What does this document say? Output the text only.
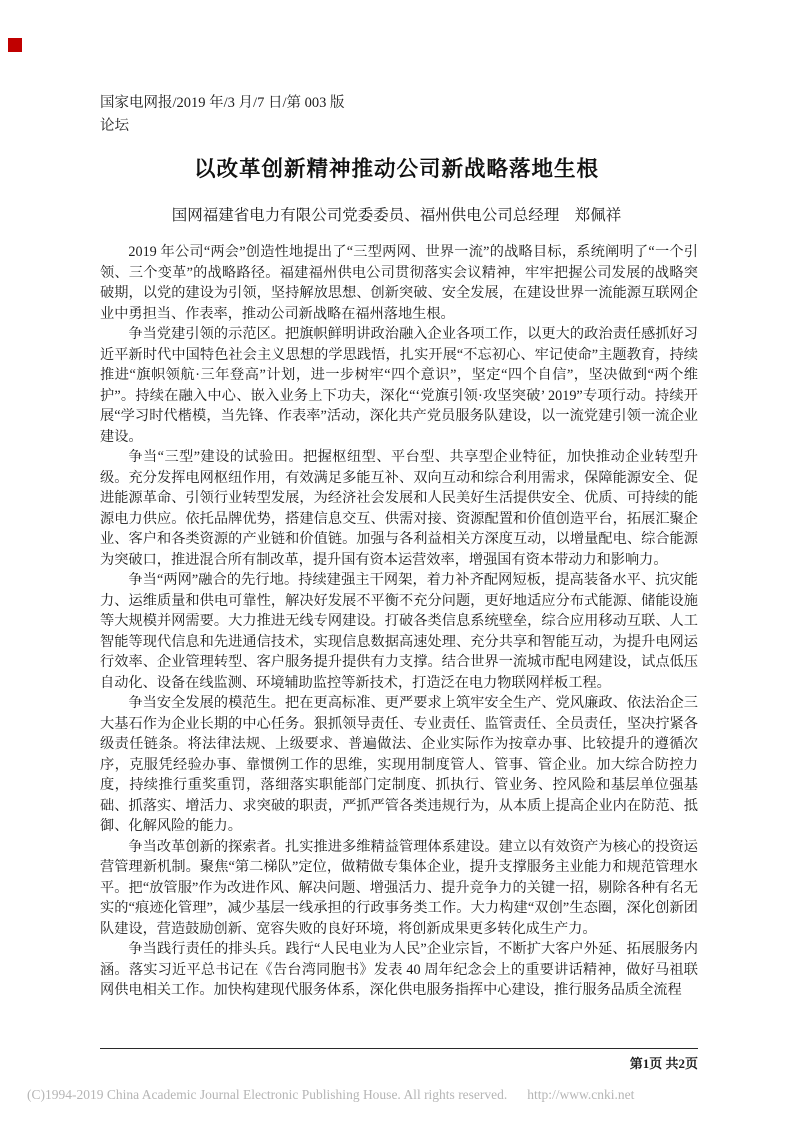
国家电网报/2019 年/3 月/7 日/第 003 版
论坛
以改革创新精神推动公司新战略落地生根
国网福建省电力有限公司党委委员、福州供电公司总经理　郑佩祥

2019 年公司“两会”创造性地提出了“三型两网、世界一流”的战略目标，系统阐明了“一个引领、三个变革”的战略路径。福建福州供电公司贯彻落实会议精神，牢牢把握公司发展的战略突破期，以党的建设为引领，坚持解放思想、创新突破、安全发展，在建设世界一流能源互联网企业中勇担当、作表率，推动公司新战略在福州落地生根。

争当党建引领的示范区。把旗帜鲜明讲政治融入企业各项工作，以更大的政治责任感抓好习近平新时代中国特色社会主义思想的学思践悟，扎实开展“不忘初心、牢记使命”主题教育，持续推进“旗帜领航·三年登高”计划，进一步树牢“四个意识”，坚定“四个自信”，坚决做到“两个维护”。持续在融入中心、嵌入业务上下功夫，深化“‘党旗引领·攻坚突破’ 2019”专项行动。持续开展“学习时代楷模，当先锋、作表率”活动，深化共产党员服务队建设，以一流党建引领一流企业建设。

争当“三型”建设的试验田。把握枢纽型、平台型、共享型企业特征，加快推动企业转型升级。充分发挥电网枢纽作用，有效满足多能互补、双向互动和综合利用需求，保障能源安全、促进能源革命、引领行业转型发展，为经济社会发展和人民美好生活提供安全、优质、可持续的能源电力供应。依托品牌优势，搭建信息交互、供需对接、资源配置和价值创造平台，拓展汇聚企业、客户和各类资源的产业链和价值链。加强与各利益相关方深度互动，以增量配电、综合能源为突破口，推进混合所有制改革，提升国有资本运营效率，增强国有资本带动力和影响力。

争当“两网”融合的先行地。持续建强主干网架，着力补齐配网短板，提高装备水平、抗灾能力、运维质量和供电可靠性，解决好发展不平衡不充分问题，更好地适应分布式能源、储能设施等大规模并网需要。大力推进无线专网建设。打破各类信息系统壁垒，综合应用移动互联、人工智能等现代信息和先进通信技术，实现信息数据高速处理、充分共享和智能互动，为提升电网运行效率、企业管理转型、客户服务提升提供有力支撑。结合世界一流城市配电网建设，试点低压自动化、设备在线监测、环境辅助监控等新技术，打造泛在电力物联网样板工程。

争当安全发展的模范生。把在更高标准、更严要求上筑牢安全生产、党风廉政、依法治企三大基石作为企业长期的中心任务。狠抓领导责任、专业责任、监管责任、全员责任，坚决拧紧各级责任链条。将法律法规、上级要求、普遍做法、企业实际作为按章办事、比较提升的遵循次序，克服凭经验办事、靠惯例工作的思维，实现用制度管人、管事、管企业。加大综合防控力度，持续推行重奖重罚，落细落实职能部门定制度、抓执行、管业务、控风险和基层单位强基础、抓落实、增活力、求突破的职责，严抓严管各类违规行为，从本质上提高企业内在防范、抵御、化解风险的能力。

争当改革创新的探索者。扎实推进多维精益管理体系建设。建立以有效资产为核心的投资运营管理新机制。聚焦“第二梯队”定位，做精做专集体企业，提升支撑服务主业能力和规范管理水平。把“放管服”作为改进作风、解决问题、增强活力、提升竞争力的关键一招，剔除各种有名无实的“痕迹化管理”，减少基层一线承担的行政事务类工作。大力构建“双创”生态圈，深化创新团队建设，营造鼓励创新、宽容失败的良好环境，将创新成果更多转化成生产力。

争当践行责任的排头兵。践行“人民电业为人民”企业宗旨，不断扩大客户外延、拓展服务内涵。落实习近平总书记在《告台湾同胞书》发表 40 周年纪念会上的重要讲话精神，做好马祖联网供电相关工作。加快构建现代服务体系，深化供电服务指挥中心建设，推行服务品质全流程

第1页 共2页
(C)1994-2019 China Academic Journal Electronic Publishing House. All rights reserved. http://www.cnki.net
